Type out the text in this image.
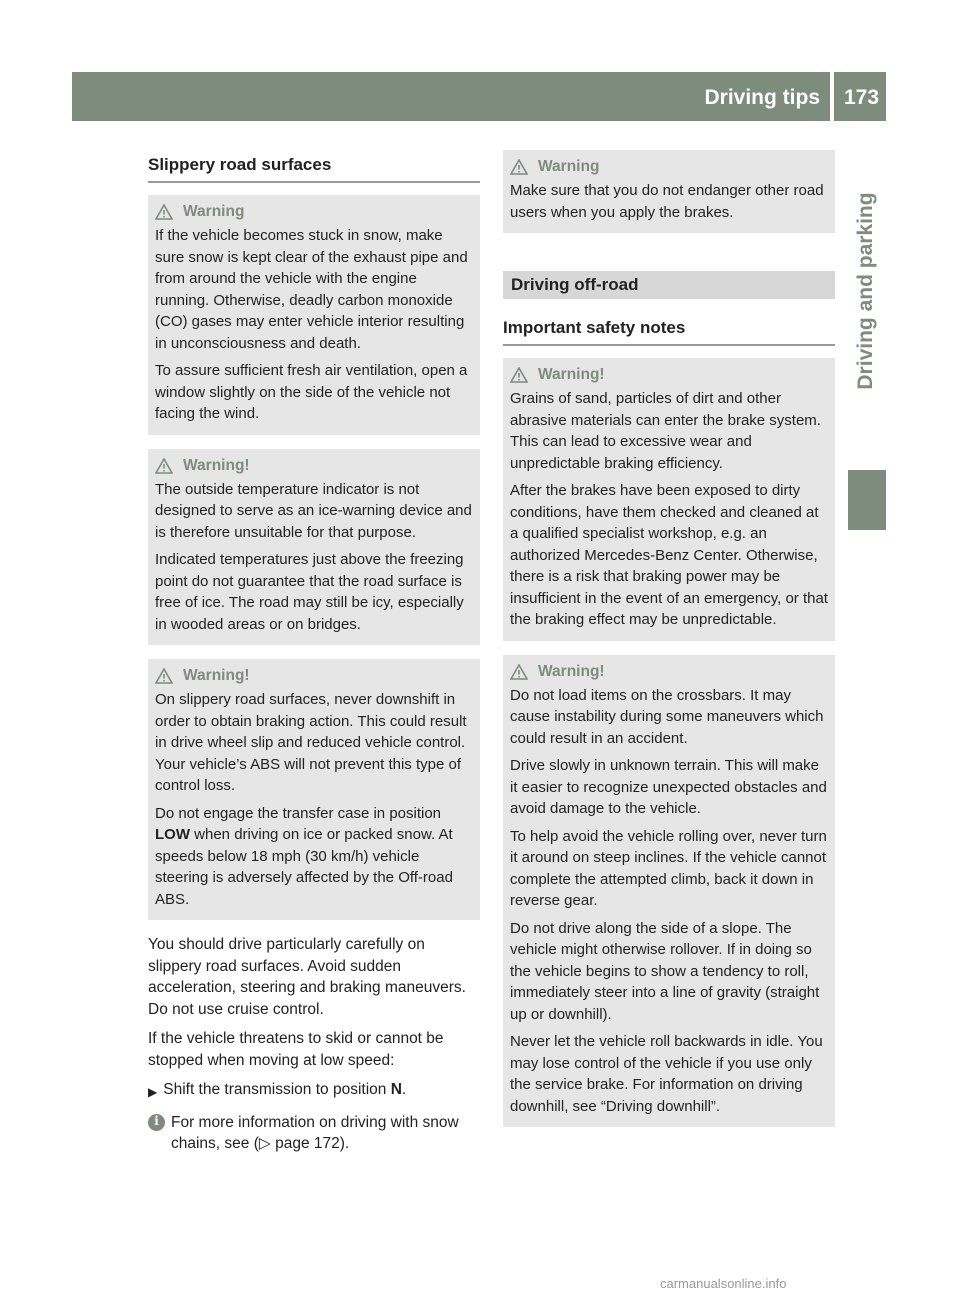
Driving tips 173
Driving and parking
Slippery road surfaces
Warning

If the vehicle becomes stuck in snow, make sure snow is kept clear of the exhaust pipe and from around the vehicle with the engine running. Otherwise, deadly carbon monoxide (CO) gases may enter vehicle interior resulting in unconsciousness and death.

To assure sufficient fresh air ventilation, open a window slightly on the side of the vehicle not facing the wind.

Warning!

The outside temperature indicator is not designed to serve as an ice-warning device and is therefore unsuitable for that purpose.

Indicated temperatures just above the freezing point do not guarantee that the road surface is free of ice. The road may still be icy, especially in wooded areas or on bridges.

Warning!

On slippery road surfaces, never downshift in order to obtain braking action. This could result in drive wheel slip and reduced vehicle control. Your vehicle’s ABS will not prevent this type of control loss.

Do not engage the transfer case in position LOW when driving on ice or packed snow. At speeds below 18 mph (30 km/h) vehicle steering is adversely affected by the Off-road ABS.

You should drive particularly carefully on slippery road surfaces. Avoid sudden acceleration, steering and braking maneuvers. Do not use cruise control.

If the vehicle threatens to skid or cannot be stopped when moving at low speed:

▶ Shift the transmission to position N.
i For more information on driving with snow chains, see (▷ page 172).
Warning

Make sure that you do not endanger other road users when you apply the brakes.

Driving off-road
Important safety notes
Warning!

Grains of sand, particles of dirt and other abrasive materials can enter the brake system. This can lead to excessive wear and unpredictable braking efficiency.

After the brakes have been exposed to dirty conditions, have them checked and cleaned at a qualified specialist workshop, e.g. an authorized Mercedes-Benz Center. Otherwise, there is a risk that braking power may be insufficient in the event of an emergency, or that the braking effect may be unpredictable.

Warning!

Do not load items on the crossbars. It may cause instability during some maneuvers which could result in an accident.

Drive slowly in unknown terrain. This will make it easier to recognize unexpected obstacles and avoid damage to the vehicle.

To help avoid the vehicle rolling over, never turn it around on steep inclines. If the vehicle cannot complete the attempted climb, back it down in reverse gear.

Do not drive along the side of a slope. The vehicle might otherwise rollover. If in doing so the vehicle begins to show a tendency to roll, immediately steer into a line of gravity (straight up or downhill).

Never let the vehicle roll backwards in idle. You may lose control of the vehicle if you use only the service brake. For information on driving downhill, see “Driving downhill”.

carmanualsonline.info
